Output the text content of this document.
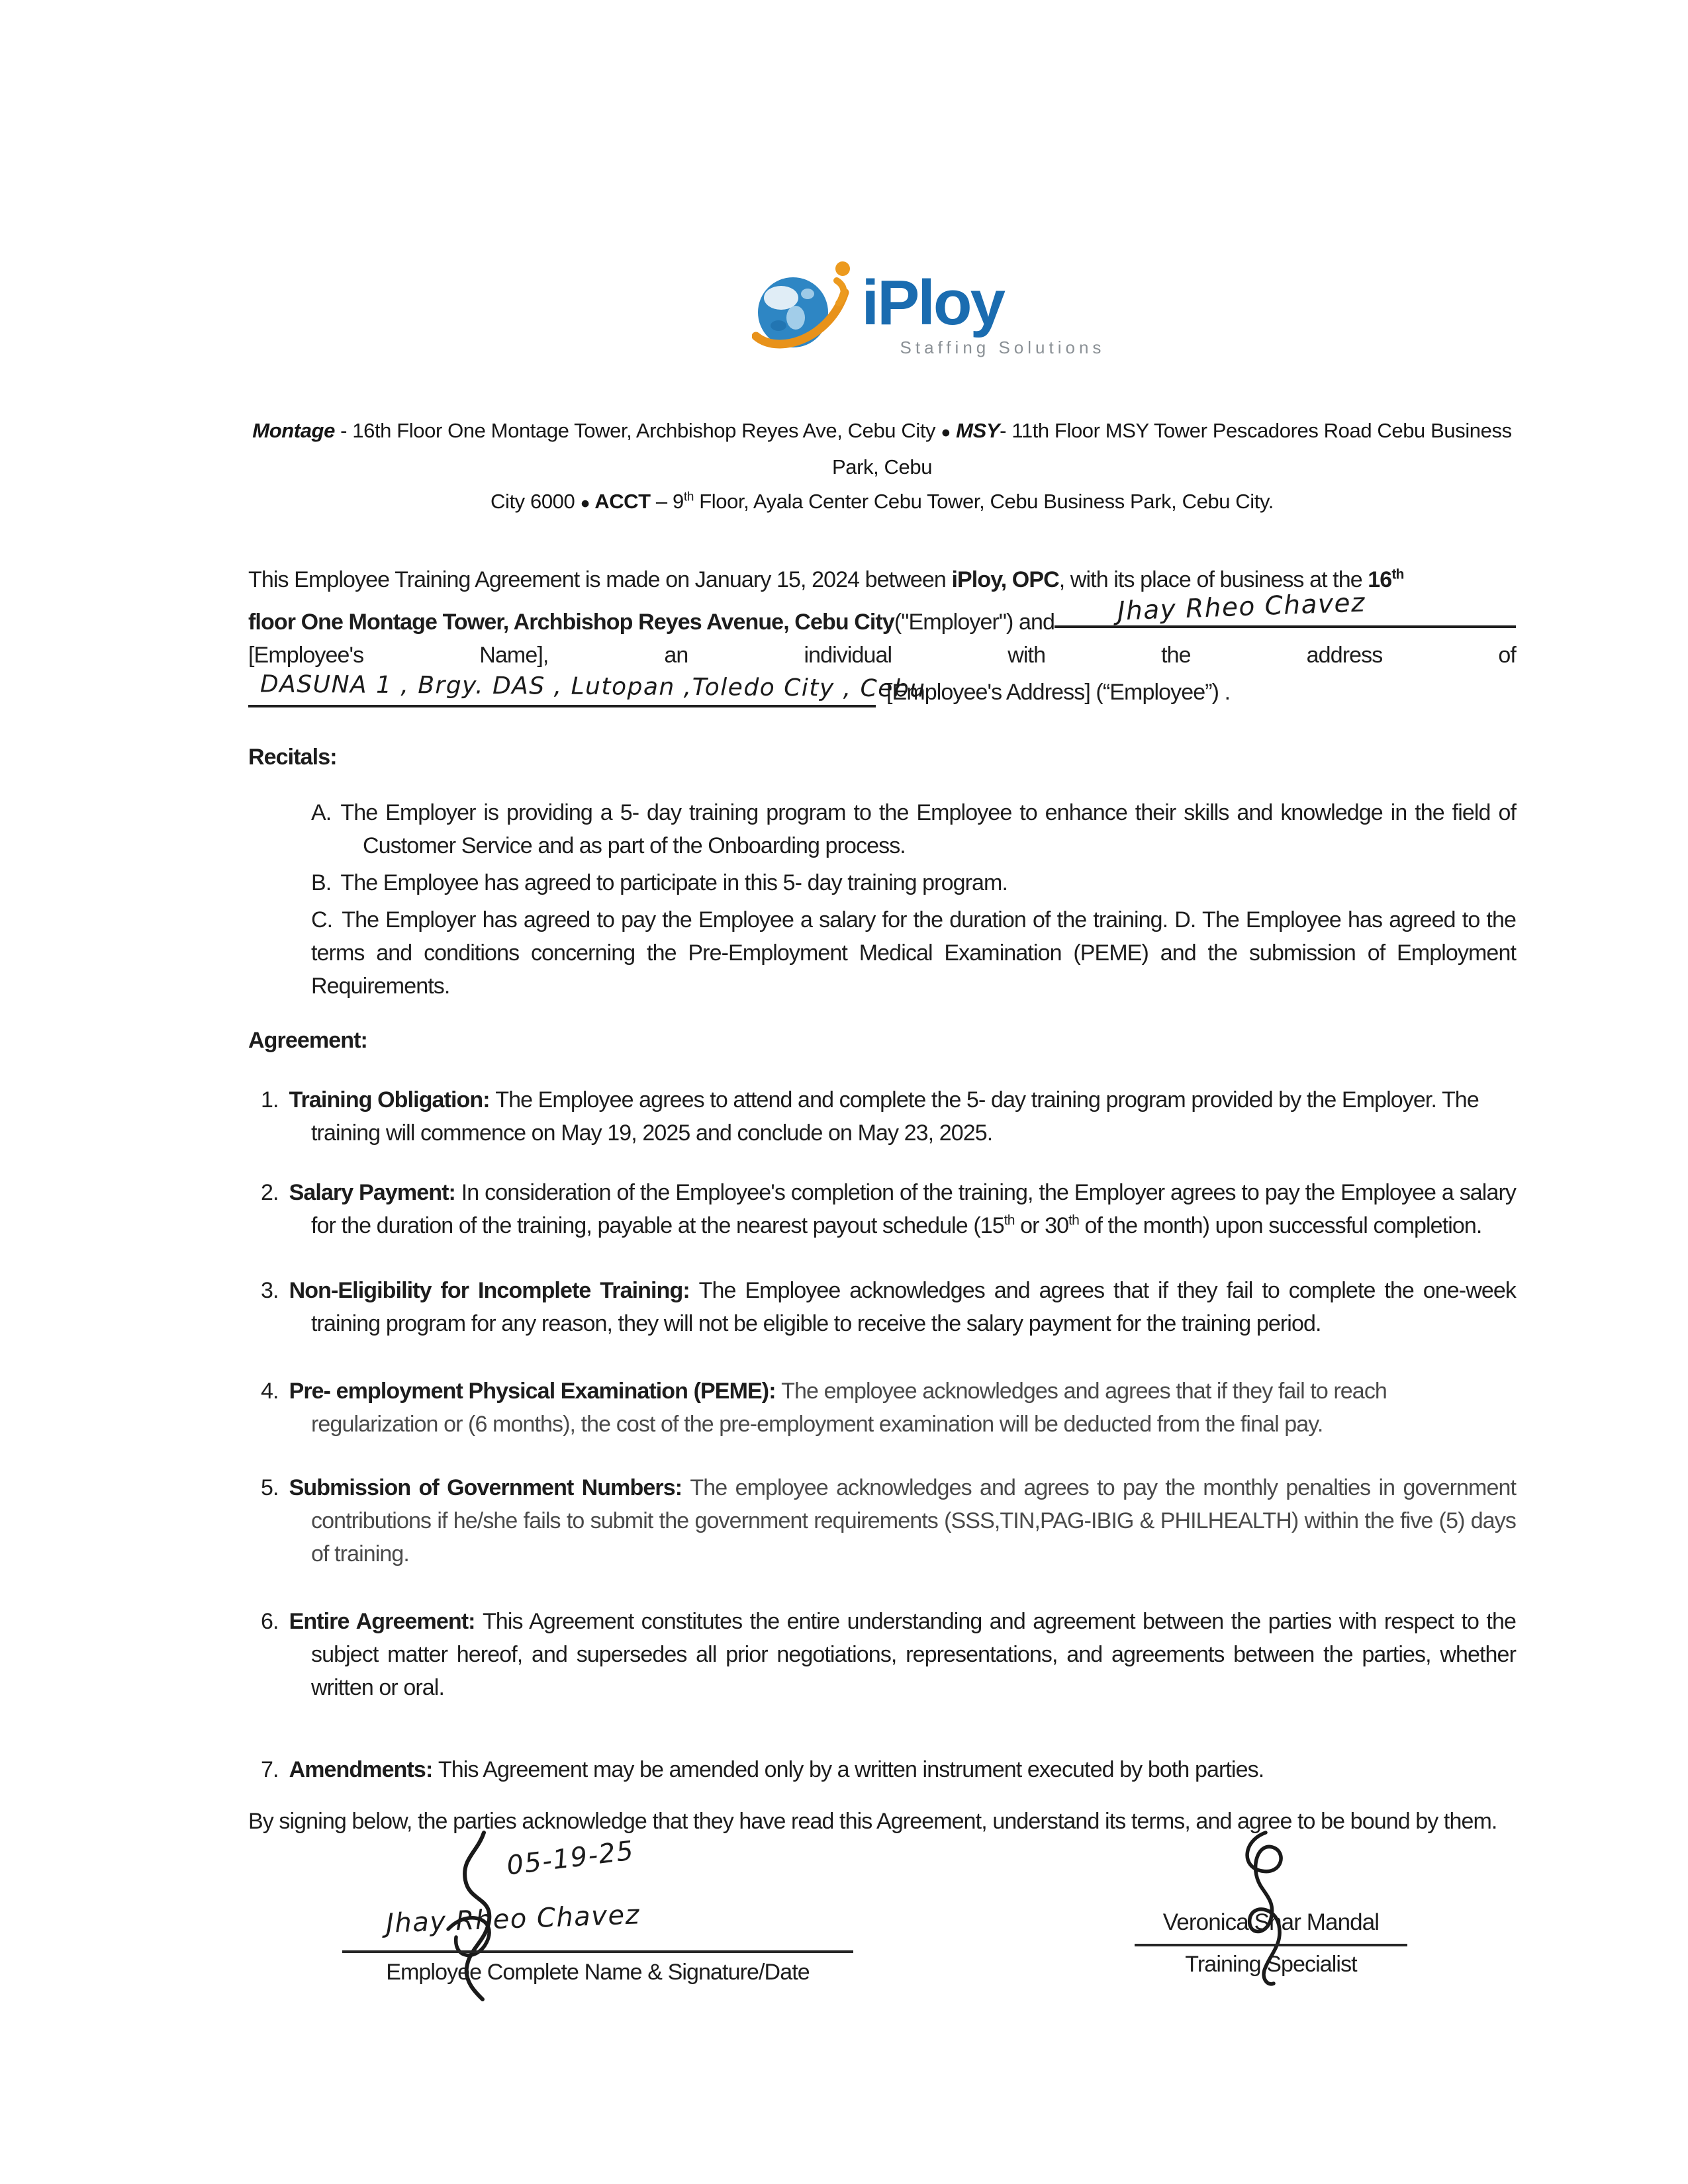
iPloy
Staffing Solutions
Montage - 16th Floor One Montage Tower, Archbishop Reyes Ave, Cebu City ● MSY- 11th Floor MSY Tower Pescadores Road Cebu Business Park, Cebu
City 6000 ● ACCT – 9th Floor, Ayala Center Cebu Tower, Cebu Business Park, Cebu City.
This Employee Training Agreement is made on January 15, 2024 between iPloy, OPC, with its place of business at the 16th
floor One Montage Tower, Archbishop Reyes Avenue, Cebu City ("Employer") and Jhay Rheo Chavez
[Employee's	Name],	an	individual	with	the	address	of
DASUNA 1 , Brgy. DAS , Lutopan ,Toledo City , Cebu
[Employee's Address] (“Employee”) .
Recitals:
A. The Employer is providing a 5- day training program to the Employee to enhance their skills and knowledge in the field of Customer Service and as part of the Onboarding process.
B. The Employee has agreed to participate in this 5- day training program.
C. The Employer has agreed to pay the Employee a salary for the duration of the training. D. The Employee has agreed to the terms and conditions concerning the Pre-Employment Medical Examination (PEME) and the submission of Employment Requirements.
Agreement:
1. Training Obligation: The Employee agrees to attend and complete the 5- day training program provided by the Employer. The training will commence on May 19, 2025 and conclude on May 23, 2025.
2. Salary Payment: In consideration of the Employee's completion of the training, the Employer agrees to pay the Employee a salary for the duration of the training, payable at the nearest payout schedule (15th or 30th of the month) upon successful completion.
3. Non-Eligibility for Incomplete Training: The Employee acknowledges and agrees that if they fail to complete the one-week training program for any reason, they will not be eligible to receive the salary payment for the training period.
4. Pre- employment Physical Examination (PEME): The employee acknowledges and agrees that if they fail to reach regularization or (6 months), the cost of the pre-employment examination will be deducted from the final pay.
5. Submission of Government Numbers: The employee acknowledges and agrees to pay the monthly penalties in government contributions if he/she fails to submit the government requirements (SSS,TIN,PAG-IBIG & PHILHEALTH) within the five (5) days of training.
6. Entire Agreement: This Agreement constitutes the entire understanding and agreement between the parties with respect to the subject matter hereof, and supersedes all prior negotiations, representations, and agreements between the parties, whether written or oral.
7. Amendments: This Agreement may be amended only by a written instrument executed by both parties.
By signing below, the parties acknowledge that they have read this Agreement, understand its terms, and agree to be bound by them.
05-19-25
Jhay Rheo Chavez
Employee Complete Name & Signature/Date
Veronica Shar Mandal
Training Specialist
